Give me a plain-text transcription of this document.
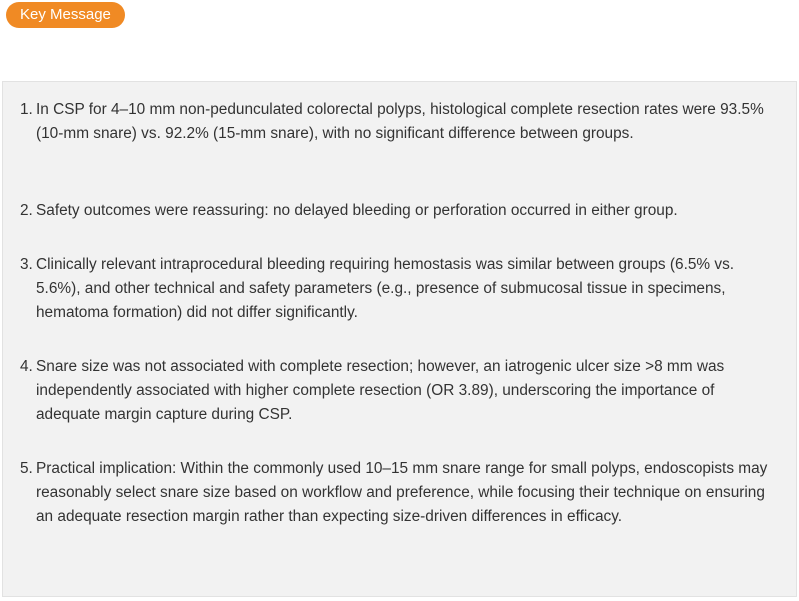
Key Message
1. In CSP for 4–10 mm non-pedunculated colorectal polyps, histological complete resection rates were 93.5% (10-mm snare) vs. 92.2% (15-mm snare), with no significant difference between groups.
2. Safety outcomes were reassuring: no delayed bleeding or perforation occurred in either group.
3. Clinically relevant intraprocedural bleeding requiring hemostasis was similar between groups (6.5% vs. 5.6%), and other technical and safety parameters (e.g., presence of submucosal tissue in specimens, hematoma formation) did not differ significantly.
4. Snare size was not associated with complete resection; however, an iatrogenic ulcer size >8 mm was independently associated with higher complete resection (OR 3.89), underscoring the importance of adequate margin capture during CSP.
5. Practical implication: Within the commonly used 10–15 mm snare range for small polyps, endoscopists may reasonably select snare size based on workflow and preference, while focusing their technique on ensuring an adequate resection margin rather than expecting size-driven differences in efficacy.
